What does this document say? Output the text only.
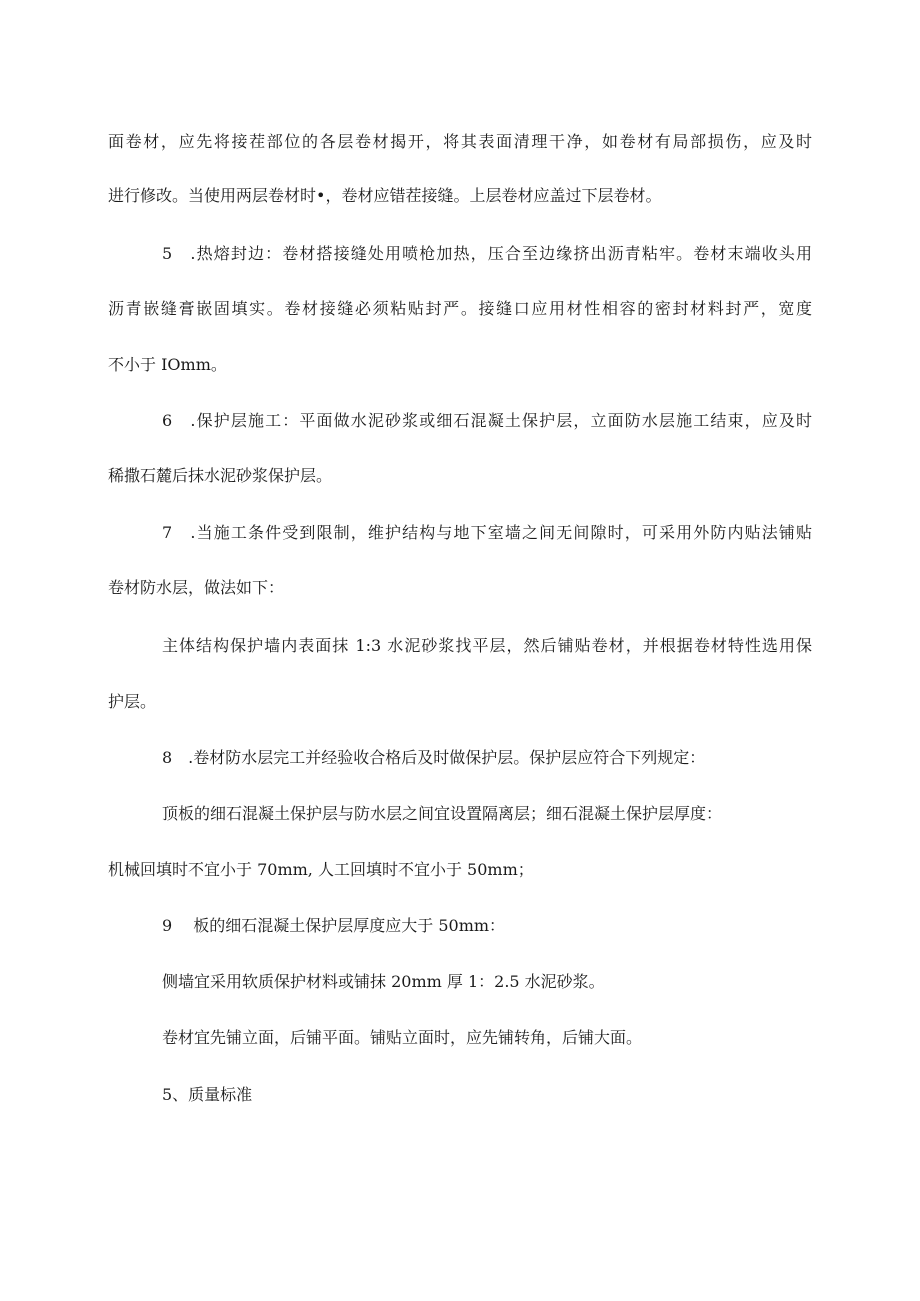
面卷材，应先将接茬部位的各层卷材揭开，将其表面清理干净，如卷材有局部损伤，应及时
进行修改。当使用两层卷材时•，卷材应错茬接缝。上层卷材应盖过下层卷材。
5　.热熔封边：卷材搭接缝处用喷枪加热，压合至边缘挤出沥青粘牢。卷材末端收头用
沥青嵌缝膏嵌固填实。卷材接缝必须粘贴封严。接缝口应用材性相容的密封材料封严，宽度
不小于 IOmm。
6　.保护层施工：平面做水泥砂浆或细石混凝土保护层，立面防水层施工结束，应及时
稀撒石麓后抹水泥砂浆保护层。
7　.当施工条件受到限制，维护结构与地下室墙之间无间隙时，可采用外防内贴法铺贴
卷材防水层，做法如下：
主体结构保护墙内表面抹 1:3 水泥砂浆找平层，然后铺贴卷材，并根据卷材特性选用保
护层。
8　.卷材防水层完工并经验收合格后及时做保护层。保护层应符合下列规定：
顶板的细石混凝土保护层与防水层之间宜设置隔离层；细石混凝土保护层厚度：
机械回填时不宜小于 70mm, 人工回填时不宜小于 50mm；
9　 板的细石混凝土保护层厚度应大于 50mm：
侧墙宜采用软质保护材料或铺抹 20mm 厚 1：2.5 水泥砂浆。
卷材宜先铺立面，后铺平面。铺贴立面时，应先铺转角，后铺大面。
5、质量标准
